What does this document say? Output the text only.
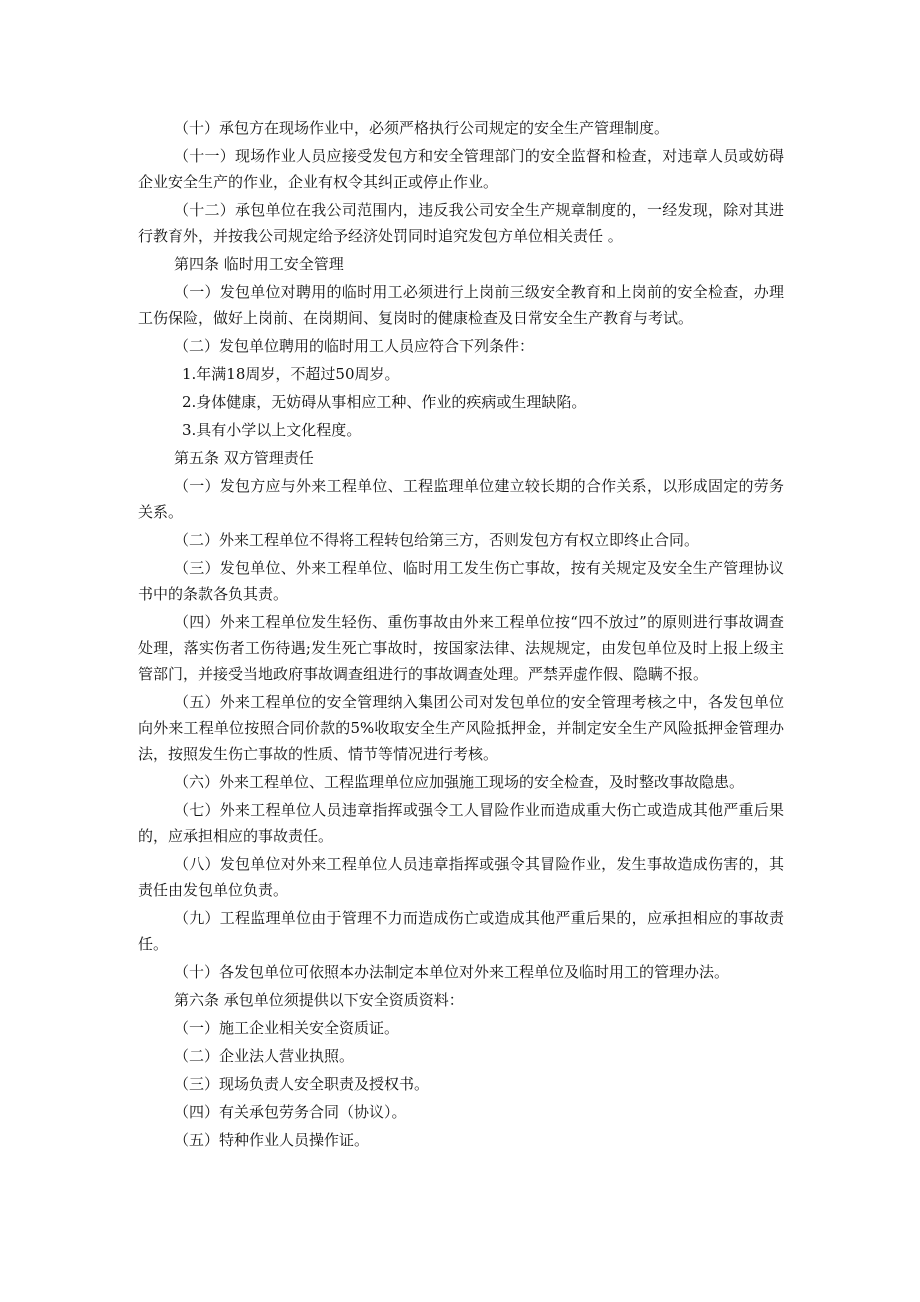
（十）承包方在现场作业中，必须严格执行公司规定的安全生产管理制度。

（十一）现场作业人员应接受发包方和安全管理部门的安全监督和检查，对违章人员或妨碍企业安全生产的作业，企业有权令其纠正或停止作业。

（十二）承包单位在我公司范围内，违反我公司安全生产规章制度的，一经发现，除对其进行教育外，并按我公司规定给予经济处罚同时追究发包方单位相关责任 。

第四条 临时用工安全管理

（一）发包单位对聘用的临时用工必须进行上岗前三级安全教育和上岗前的安全检查，办理工伤保险，做好上岗前、在岗期间、复岗时的健康检查及日常安全生产教育与考试。

（二）发包单位聘用的临时用工人员应符合下列条件：

1.年满18周岁，不超过50周岁。

2.身体健康，无妨碍从事相应工种、作业的疾病或生理缺陷。

3.具有小学以上文化程度。

第五条 双方管理责任

（一）发包方应与外来工程单位、工程监理单位建立较长期的合作关系，以形成固定的劳务关系。

（二）外来工程单位不得将工程转包给第三方，否则发包方有权立即终止合同。

（三）发包单位、外来工程单位、临时用工发生伤亡事故，按有关规定及安全生产管理协议书中的条款各负其责。

（四）外来工程单位发生轻伤、重伤事故由外来工程单位按“四不放过”的原则进行事故调查处理，落实伤者工伤待遇;发生死亡事故时，按国家法律、法规规定，由发包单位及时上报上级主管部门，并接受当地政府事故调查组进行的事故调查处理。严禁弄虚作假、隐瞒不报。

（五）外来工程单位的安全管理纳入集团公司对发包单位的安全管理考核之中，各发包单位向外来工程单位按照合同价款的5%收取安全生产风险抵押金，并制定安全生产风险抵押金管理办法，按照发生伤亡事故的性质、情节等情况进行考核。

（六）外来工程单位、工程监理单位应加强施工现场的安全检查，及时整改事故隐患。

（七）外来工程单位人员违章指挥或强令工人冒险作业而造成重大伤亡或造成其他严重后果的，应承担相应的事故责任。

（八）发包单位对外来工程单位人员违章指挥或强令其冒险作业，发生事故造成伤害的，其责任由发包单位负责。

（九）工程监理单位由于管理不力而造成伤亡或造成其他严重后果的，应承担相应的事故责任。

（十）各发包单位可依照本办法制定本单位对外来工程单位及临时用工的管理办法。

第六条 承包单位须提供以下安全资质资料：

（一）施工企业相关安全资质证。

（二）企业法人营业执照。

（三）现场负责人安全职责及授权书。

（四）有关承包劳务合同（协议）。

（五）特种作业人员操作证。
